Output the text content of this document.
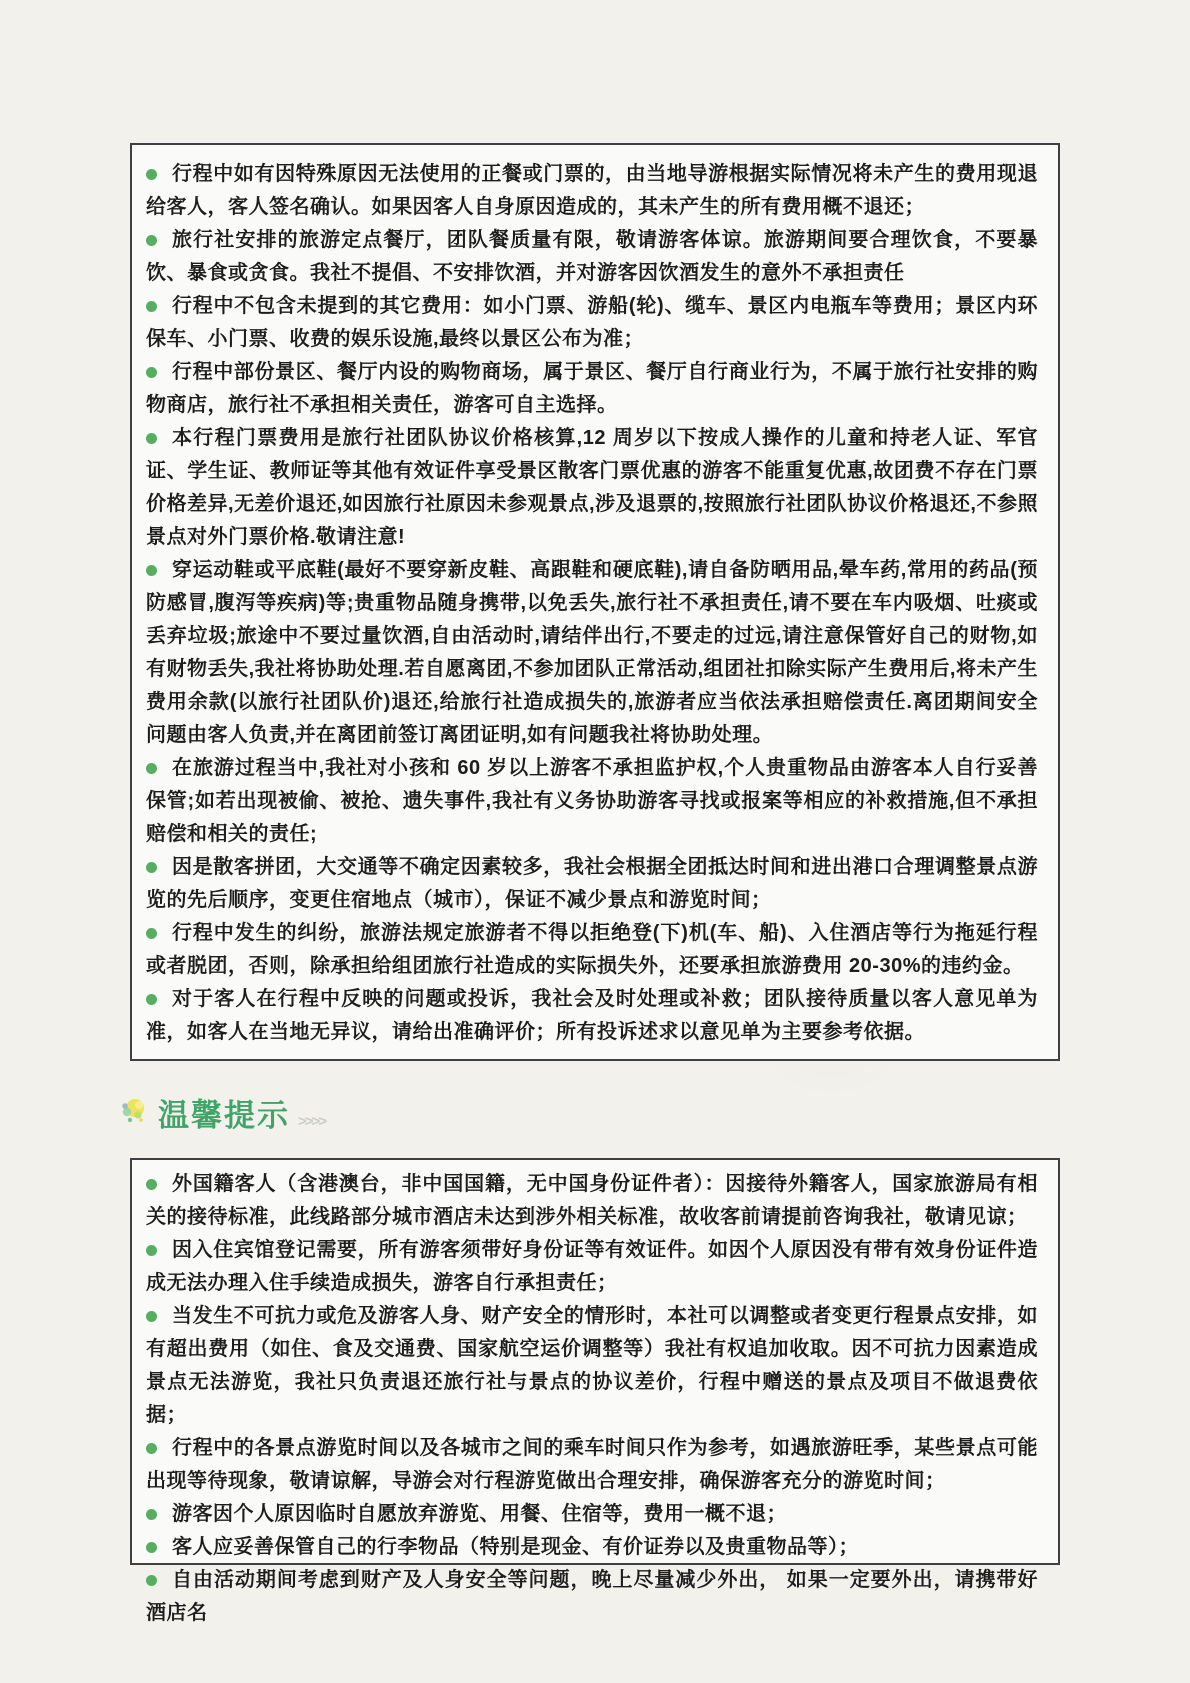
行程中如有因特殊原因无法使用的正餐或门票的，由当地导游根据实际情况将未产生的费用现退给客人，客人签名确认。如果因客人自身原因造成的，其未产生的所有费用概不退还；
旅行社安排的旅游定点餐厅，团队餐质量有限，敬请游客体谅。旅游期间要合理饮食，不要暴饮、暴食或贪食。我社不提倡、不安排饮酒，并对游客因饮酒发生的意外不承担责任
行程中不包含未提到的其它费用：如小门票、游船(轮)、缆车、景区内电瓶车等费用；景区内环保车、小门票、收费的娱乐设施,最终以景区公布为准；
行程中部份景区、餐厅内设的购物商场，属于景区、餐厅自行商业行为，不属于旅行社安排的购物商店，旅行社不承担相关责任，游客可自主选择。
本行程门票费用是旅行社团队协议价格核算,12 周岁以下按成人操作的儿童和持老人证、军官证、学生证、教师证等其他有效证件享受景区散客门票优惠的游客不能重复优惠,故团费不存在门票价格差异,无差价退还,如因旅行社原因未参观景点,涉及退票的,按照旅行社团队协议价格退还,不参照景点对外门票价格.敬请注意!
穿运动鞋或平底鞋(最好不要穿新皮鞋、高跟鞋和硬底鞋),请自备防晒用品,晕车药,常用的药品(预防感冒,腹泻等疾病)等;贵重物品随身携带,以免丢失,旅行社不承担责任,请不要在车内吸烟、吐痰或丢弃垃圾;旅途中不要过量饮酒,自由活动时,请结伴出行,不要走的过远,请注意保管好自己的财物,如有财物丢失,我社将协助处理.若自愿离团,不参加团队正常活动,组团社扣除实际产生费用后,将未产生费用余款(以旅行社团队价)退还,给旅行社造成损失的,旅游者应当依法承担赔偿责任.离团期间安全问题由客人负责,并在离团前签订离团证明,如有问题我社将协助处理。
在旅游过程当中,我社对小孩和 60 岁以上游客不承担监护权,个人贵重物品由游客本人自行妥善保管;如若出现被偷、被抢、遗失事件,我社有义务协助游客寻找或报案等相应的补救措施,但不承担赔偿和相关的责任;
因是散客拼团，大交通等不确定因素较多，我社会根据全团抵达时间和进出港口合理调整景点游览的先后顺序，变更住宿地点（城市），保证不减少景点和游览时间；
行程中发生的纠纷，旅游法规定旅游者不得以拒绝登(下)机(车、船)、入住酒店等行为拖延行程或者脱团，否则，除承担给组团旅行社造成的实际损失外，还要承担旅游费用 20-30%的违约金。
对于客人在行程中反映的问题或投诉，我社会及时处理或补救；团队接待质量以客人意见单为准，如客人在当地无异议，请给出准确评价；所有投诉述求以意见单为主要参考依据。
温馨提示 >>>>
外国籍客人（含港澳台，非中国国籍，无中国身份证件者）：因接待外籍客人，国家旅游局有相关的接待标准，此线路部分城市酒店未达到涉外相关标准，故收客前请提前咨询我社，敬请见谅；
因入住宾馆登记需要，所有游客须带好身份证等有效证件。如因个人原因没有带有效身份证件造成无法办理入住手续造成损失，游客自行承担责任；
当发生不可抗力或危及游客人身、财产安全的情形时，本社可以调整或者变更行程景点安排，如有超出费用（如住、食及交通费、国家航空运价调整等）我社有权追加收取。因不可抗力因素造成景点无法游览，我社只负责退还旅行社与景点的协议差价，行程中赠送的景点及项目不做退费依据；
行程中的各景点游览时间以及各城市之间的乘车时间只作为参考，如遇旅游旺季，某些景点可能出现等待现象，敬请谅解，导游会对行程游览做出合理安排，确保游客充分的游览时间；
游客因个人原因临时自愿放弃游览、用餐、住宿等，费用一概不退；
客人应妥善保管自己的行李物品（特别是现金、有价证券以及贵重物品等）；
自由活动期间考虑到财产及人身安全等问题，晚上尽量减少外出， 如果一定要外出，请携带好酒店名
